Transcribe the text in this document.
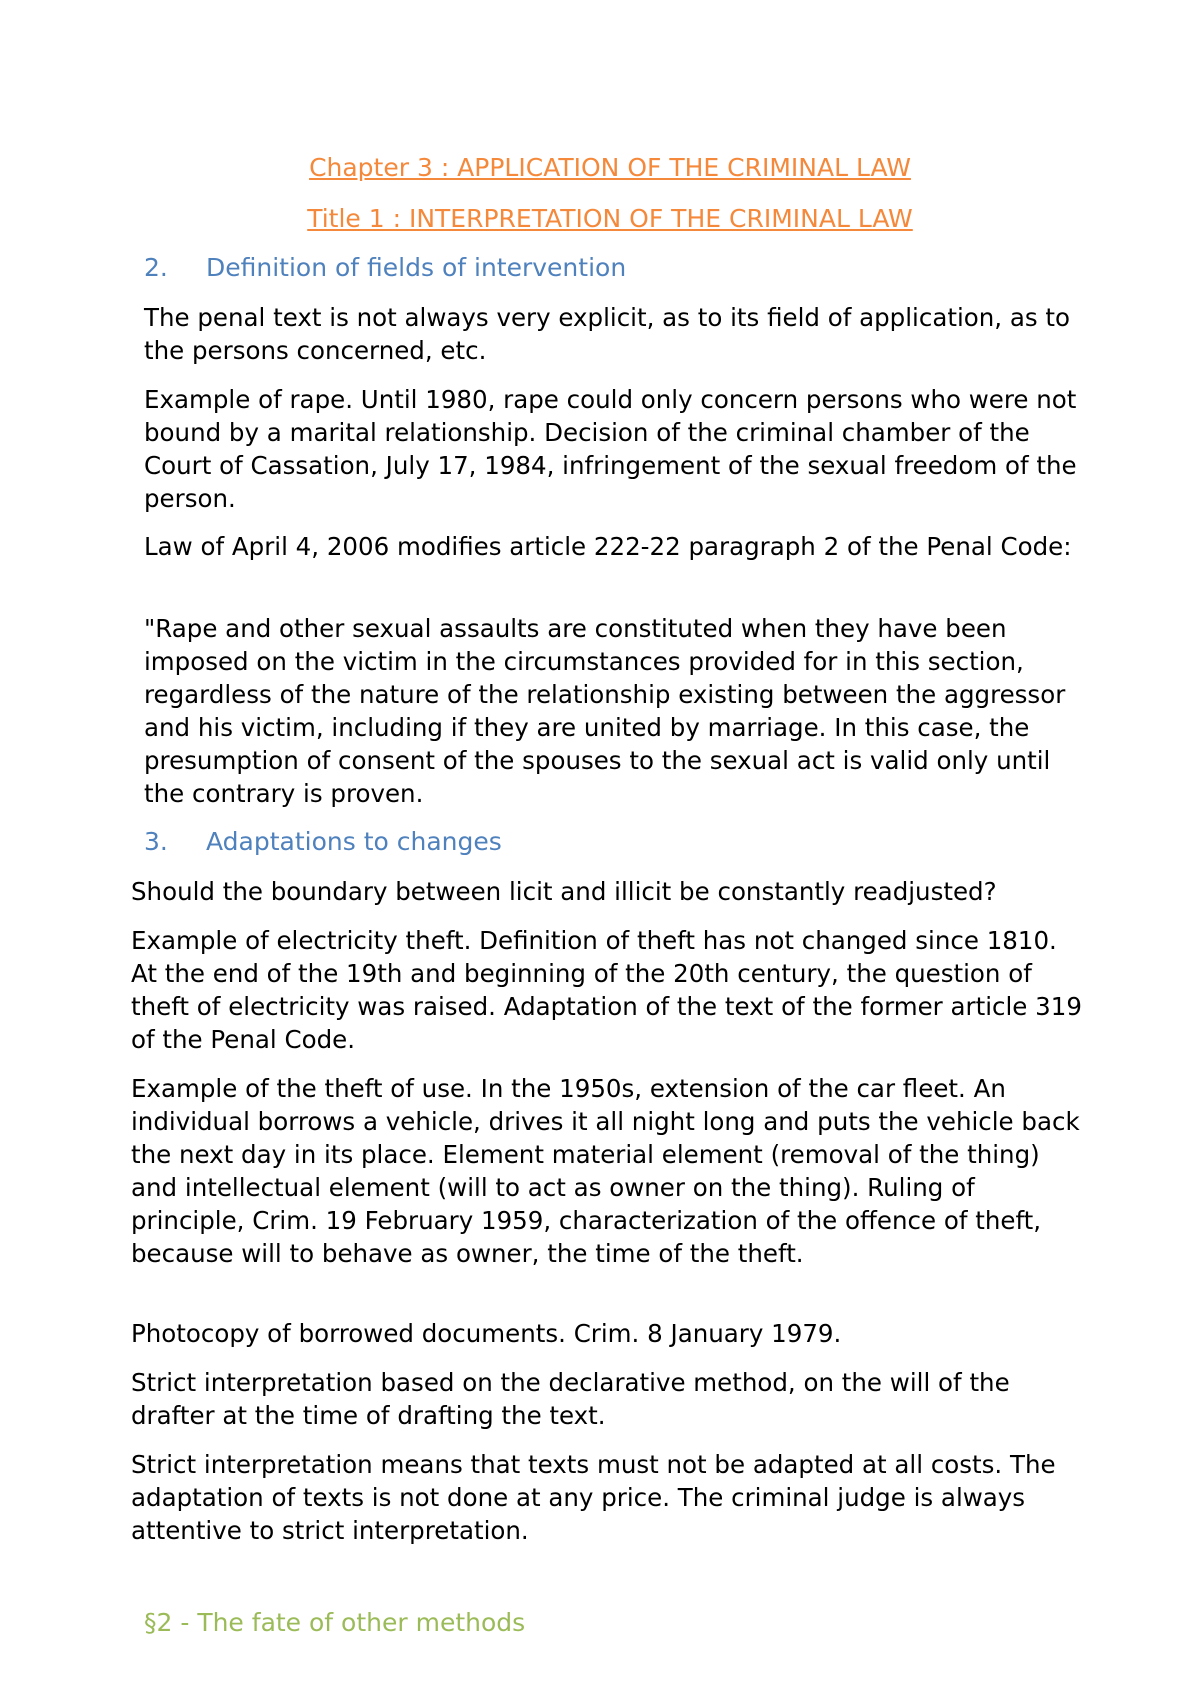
Chapter 3 : APPLICATION OF THE CRIMINAL LAW
Title 1 : INTERPRETATION OF THE CRIMINAL LAW
2. Definition of fields of intervention

The penal text is not always very explicit, as to its field of application, as to the persons concerned, etc.

Example of rape. Until 1980, rape could only concern persons who were not bound by a marital relationship. Decision of the criminal chamber of the Court of Cassation, July 17, 1984, infringement of the sexual freedom of the person.

Law of April 4, 2006 modifies article 222-22 paragraph 2 of the Penal Code:

"Rape and other sexual assaults are constituted when they have been imposed on the victim in the circumstances provided for in this section, regardless of the nature of the relationship existing between the aggressor and his victim, including if they are united by marriage. In this case, the presumption of consent of the spouses to the sexual act is valid only until the contrary is proven.

3. Adaptations to changes

Should the boundary between licit and illicit be constantly readjusted?

Example of electricity theft. Definition of theft has not changed since 1810. At the end of the 19th and beginning of the 20th century, the question of theft of electricity was raised. Adaptation of the text of the former article 319 of the Penal Code.

Example of the theft of use. In the 1950s, extension of the car fleet. An individual borrows a vehicle, drives it all night long and puts the vehicle back the next day in its place. Element material element (removal of the thing) and intellectual element (will to act as owner on the thing). Ruling of principle, Crim. 19 February 1959, characterization of the offence of theft, because will to behave as owner, the time of the theft.

Photocopy of borrowed documents. Crim. 8 January 1979.

Strict interpretation based on the declarative method, on the will of the drafter at the time of drafting the text.

Strict interpretation means that texts must not be adapted at all costs. The adaptation of texts is not done at any price. The criminal judge is always attentive to strict interpretation.

§2 - The fate of other methods
